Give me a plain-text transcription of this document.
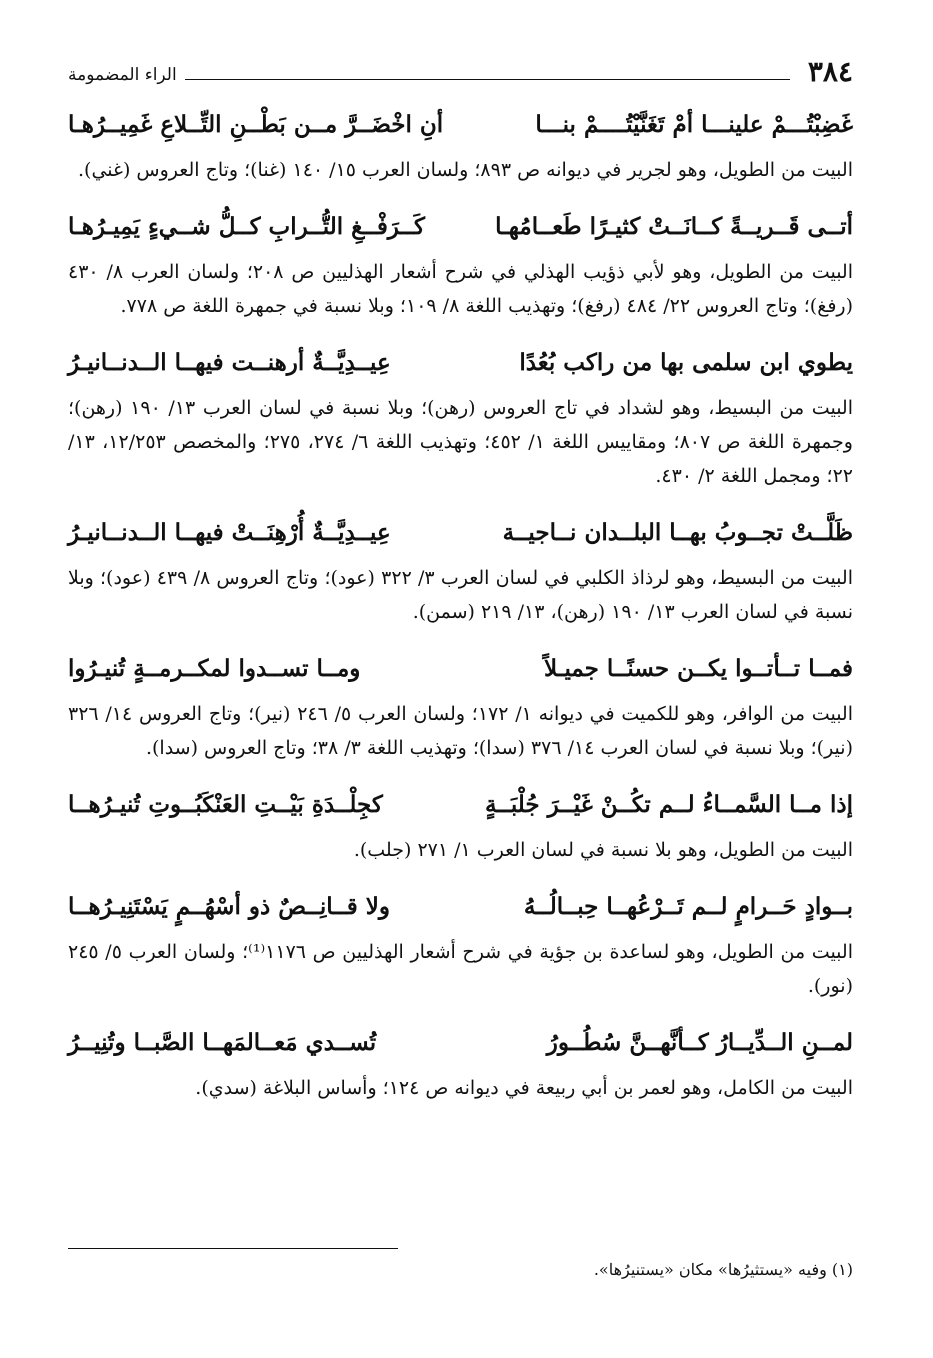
٣٨٤
الراء المضمومة
غَضِبْتُـــمْ علينـــا أمْ تَغَنَّيْتُــــمْ بنـــا
أنِ اخْضَــرَّ مــن بَطْــنِ التِّــلاعِ غَمِيــرُهـا

البيت من الطويل، وهو لجرير في ديوانه ص ٨٩٣؛ ولسان العرب ١٥/ ١٤٠ (غنا)؛ وتاج العروس (غني).

أتــى قَــريــةً كــانَــتْ كثيـرًا طَعــامُهـا
كَــرَفْــغِ التُّــرابِ كــلُّ شــيءٍ يَمِيـرُهـا

البيت من الطويل، وهو لأبي ذؤيب الهذلي في شرح أشعار الهذليين ص ٢٠٨؛ ولسان العرب ٨/ ٤٣٠ (رفغ)؛ وتاج العروس ٢٢/ ٤٨٤ (رفغ)؛ وتهذيب اللغة ٨/ ١٠٩؛ وبلا نسبة في جمهرة اللغة ص ٧٧٨.

يطوي ابن سلمى بها من راكب بُعُدًا
عِيــدِيَّــةٌ أرهنــت فيهــا الــدنــانيـرُ

البيت من البسيط، وهو لشداد في تاج العروس (رهن)؛ وبلا نسبة في لسان العرب ١٣/ ١٩٠ (رهن)؛ وجمهرة اللغة ص ٨٠٧؛ ومقاييس اللغة ١/ ٤٥٢؛ وتهذيب اللغة ٦/ ٢٧٤، ٢٧٥؛ والمخصص ١٢/٢٥٣، ١٣/ ٢٢؛ ومجمل اللغة ٢/ ٤٣٠.

ظَلَّــتْ تجــوبُ بهــا البلــدان نــاجيــة
عِيــدِيَّــةٌ أُرْهِنَــتْ فيهــا الــدنــانيـرُ

البيت من البسيط، وهو لرذاذ الكلبي في لسان العرب ٣/ ٣٢٢ (عود)؛ وتاج العروس ٨/ ٤٣٩ (عود)؛ وبلا نسبة في لسان العرب ١٣/ ١٩٠ (رهن)، ١٣/ ٢١٩ (سمن).

فمــا تــأتــوا يكــن حسنًــا جميـلاً
ومــا تســدوا لمكــرمــةٍ تُنيـرُوا

البيت من الوافر، وهو للكميت في ديوانه ١/ ١٧٢؛ ولسان العرب ٥/ ٢٤٦ (نير)؛ وتاج العروس ١٤/ ٣٢٦ (نير)؛ وبلا نسبة في لسان العرب ١٤/ ٣٧٦ (سدا)؛ وتهذيب اللغة ٣/ ٣٨؛ وتاج العروس (سدا).

إذا مــا السَّمــاءُ لــم تكُــنْ غَيْــرَ جُلْبَــةٍ
كجِلْــدَةِ بَيْــتِ العَنْكَبُــوتِ تُنيـرُهــا

البيت من الطويل، وهو بلا نسبة في لسان العرب ١/ ٢٧١ (جلب).

بــوادٍ حَــرامٍ لــم تَــرْعُهــا حِبــالُــهُ
ولا قــانِــصٌ ذو أسْهُــمٍ يَسْتَنِيـرُهــا

البيت من الطويل، وهو لساعدة بن جؤية في شرح أشعار الهذليين ص ١١٧٦⁽¹⁾؛ ولسان العرب ٥/ ٢٤٥ (نور).

لمــنِ الــدِّيــارُ كــأنَّهــنَّ سُطُــورُ
تُســدي مَعــالمَهــا الصَّبــا وتُنِيــرُ

البيت من الكامل، وهو لعمر بن أبي ربيعة في ديوانه ص ١٢٤؛ وأساس البلاغة (سدي).

(١) وفيه «يستثيرُها» مكان «يستنيرُها».
